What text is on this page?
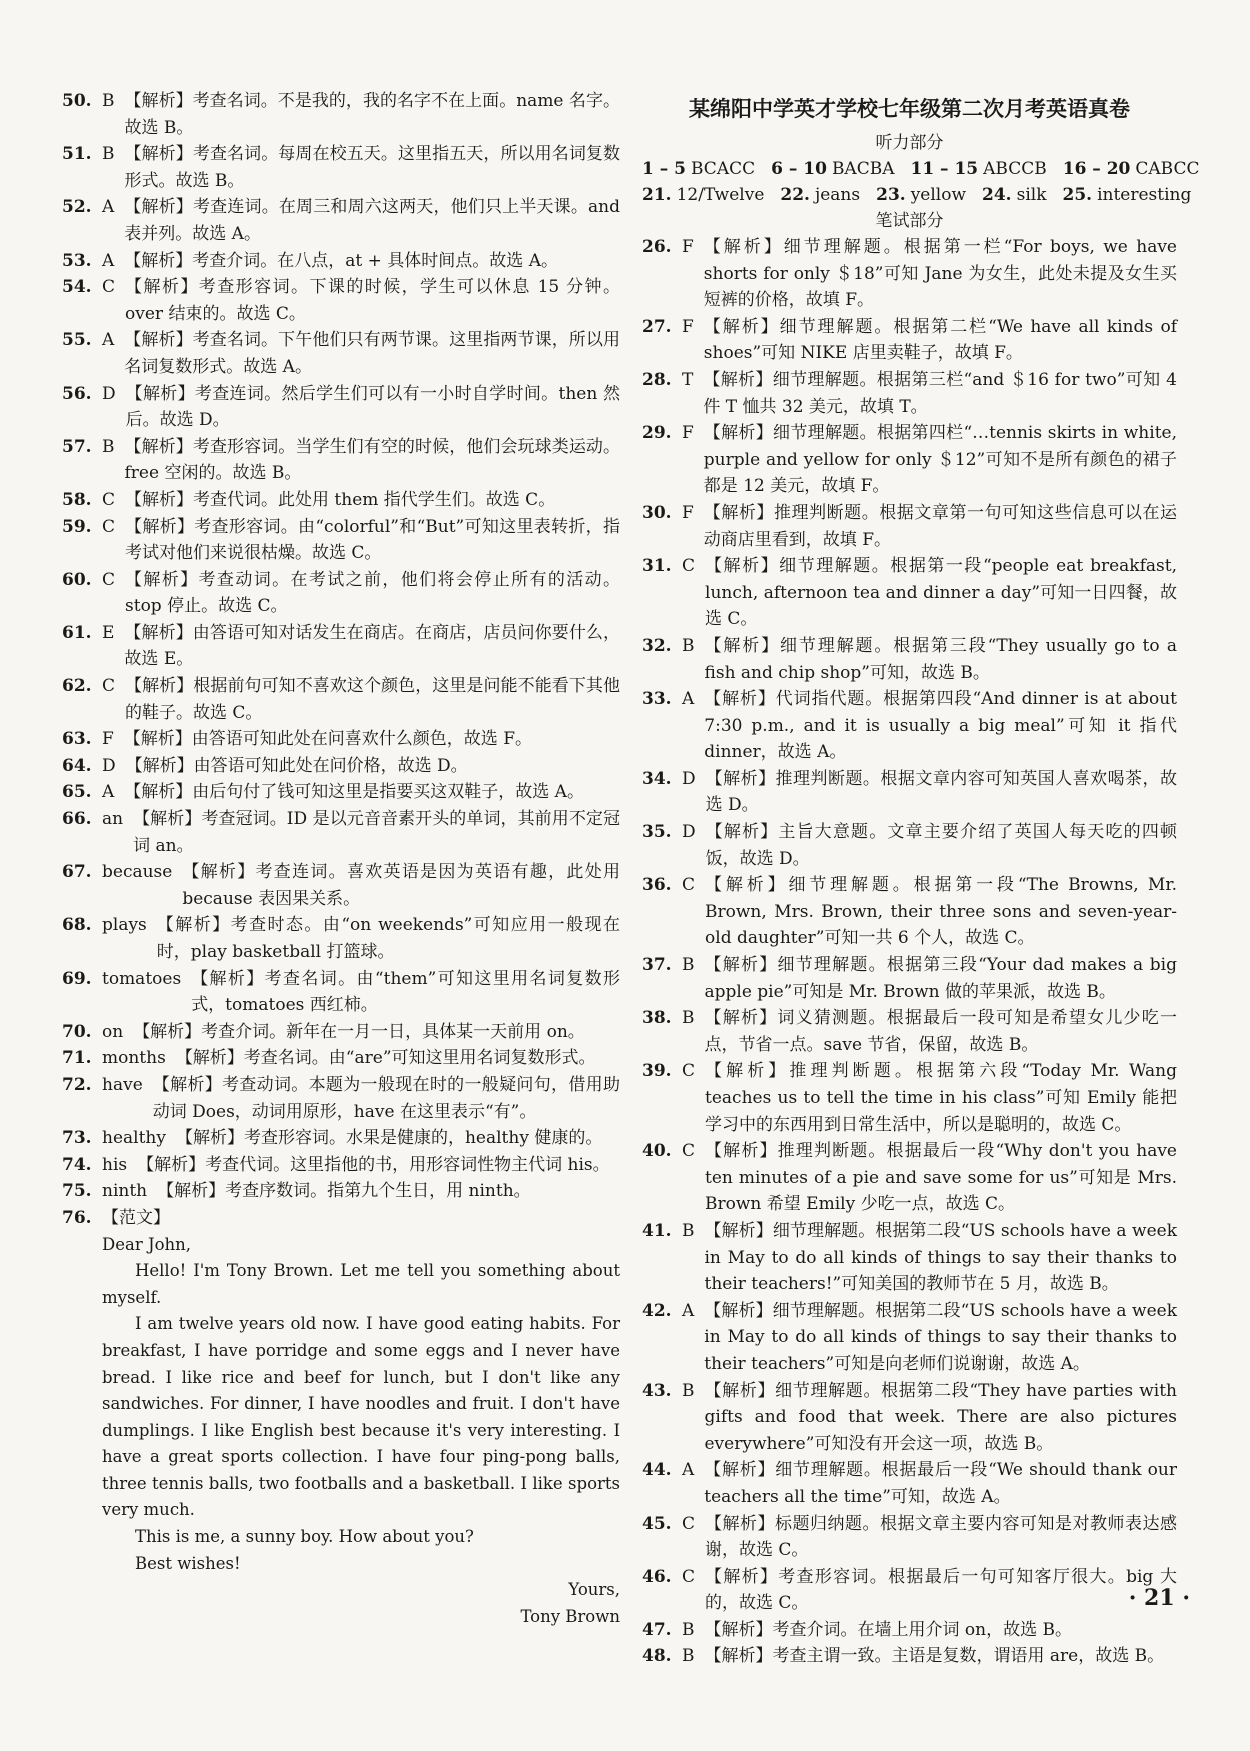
50. B 【解析】考查名词。不是我的，我的名字不在上面。name 名字。故选 B。
51. B 【解析】考查名词。每周在校五天。这里指五天，所以用名词复数形式。故选 B。
52. A 【解析】考查连词。在周三和周六这两天，他们只上半天课。and 表并列。故选 A。
53. A 【解析】考查介词。在八点，at + 具体时间点。故选 A。
54. C 【解析】考查形容词。下课的时候，学生可以休息 15 分钟。over 结束的。故选 C。
55. A 【解析】考查名词。下午他们只有两节课。这里指两节课，所以用名词复数形式。故选 A。
56. D 【解析】考查连词。然后学生们可以有一小时自学时间。then 然后。故选 D。
57. B 【解析】考查形容词。当学生们有空的时候，他们会玩球类运动。free 空闲的。故选 B。
58. C 【解析】考查代词。此处用 them 指代学生们。故选 C。
59. C 【解析】考查形容词。由“colorful”和“But”可知这里表转折，指考试对他们来说很枯燥。故选 C。
60. C 【解析】考查动词。在考试之前，他们将会停止所有的活动。stop 停止。故选 C。
61. E 【解析】由答语可知对话发生在商店。在商店，店员问你要什么，故选 E。
62. C 【解析】根据前句可知不喜欢这个颜色，这里是问能不能看下其他的鞋子。故选 C。
63. F 【解析】由答语可知此处在问喜欢什么颜色，故选 F。
64. D 【解析】由答语可知此处在问价格，故选 D。
65. A 【解析】由后句付了钱可知这里是指要买这双鞋子，故选 A。
66. an 【解析】考查冠词。ID 是以元音音素开头的单词，其前用不定冠词 an。
67. because 【解析】考查连词。喜欢英语是因为英语有趣，此处用 because 表因果关系。
68. plays 【解析】考查时态。由“on weekends”可知应用一般现在时，play basketball 打篮球。
69. tomatoes 【解析】考查名词。由“them”可知这里用名词复数形式，tomatoes 西红柿。
70. on 【解析】考查介词。新年在一月一日，具体某一天前用 on。
71. months 【解析】考查名词。由“are”可知这里用名词复数形式。
72. have 【解析】考查动词。本题为一般现在时的一般疑问句，借用助动词 Does，动词用原形，have 在这里表示“有”。
73. healthy 【解析】考查形容词。水果是健康的，healthy 健康的。
74. his 【解析】考查代词。这里指他的书，用形容词性物主代词 his。
75. ninth 【解析】考查序数词。指第九个生日，用 ninth。
76. 【范文】
Dear John,
Hello! I'm Tony Brown. Let me tell you something about myself.
I am twelve years old now. I have good eating habits. For breakfast, I have porridge and some eggs and I never have bread. I like rice and beef for lunch, but I don't like any sandwiches. For dinner, I have noodles and fruit. I don't have dumplings. I like English best because it's very interesting. I have a great sports collection. I have four ping-pong balls, three tennis balls, two footballs and a basketball. I like sports very much.
This is me, a sunny boy. How about you?
Best wishes!
Yours,
Tony Brown
某绵阳中学英才学校七年级第二次月考英语真卷
听力部分
1 – 5 BCACC 6 – 10 BACBA 11 – 15 ABCCB 16 – 20 CABCC
21. 12/Twelve 22. jeans 23. yellow 24. silk 25. interesting
笔试部分
26. F 【解析】细节理解题。根据第一栏“For boys, we have shorts for only ＄18”可知 Jane 为女生，此处未提及女生买短裤的价格，故填 F。
27. F 【解析】细节理解题。根据第二栏“We have all kinds of shoes”可知 NIKE 店里卖鞋子，故填 F。
28. T 【解析】细节理解题。根据第三栏“and ＄16 for two”可知 4 件 T 恤共 32 美元，故填 T。
29. F 【解析】细节理解题。根据第四栏“…tennis skirts in white, purple and yellow for only ＄12”可知不是所有颜色的裙子都是 12 美元，故填 F。
30. F 【解析】推理判断题。根据文章第一句可知这些信息可以在运动商店里看到，故填 F。
31. C 【解析】细节理解题。根据第一段“people eat breakfast, lunch, afternoon tea and dinner a day”可知一日四餐，故选 C。
32. B 【解析】细节理解题。根据第三段“They usually go to a fish and chip shop”可知，故选 B。
33. A 【解析】代词指代题。根据第四段“And dinner is at about 7:30 p.m., and it is usually a big meal”可知 it 指代 dinner，故选 A。
34. D 【解析】推理判断题。根据文章内容可知英国人喜欢喝茶，故选 D。
35. D 【解析】主旨大意题。文章主要介绍了英国人每天吃的四顿饭，故选 D。
36. C 【解析】细节理解题。根据第一段“The Browns, Mr. Brown, Mrs. Brown, their three sons and seven-year-old daughter”可知一共 6 个人，故选 C。
37. B 【解析】细节理解题。根据第三段“Your dad makes a big apple pie”可知是 Mr. Brown 做的苹果派，故选 B。
38. B 【解析】词义猜测题。根据最后一段可知是希望女儿少吃一点，节省一点。save 节省，保留，故选 B。
39. C 【解析】推理判断题。根据第六段“Today Mr. Wang teaches us to tell the time in his class”可知 Emily 能把学习中的东西用到日常生活中，所以是聪明的，故选 C。
40. C 【解析】推理判断题。根据最后一段“Why don't you have ten minutes of a pie and save some for us”可知是 Mrs. Brown 希望 Emily 少吃一点，故选 C。
41. B 【解析】细节理解题。根据第二段“US schools have a week in May to do all kinds of things to say their thanks to their teachers!”可知美国的教师节在 5 月，故选 B。
42. A 【解析】细节理解题。根据第二段“US schools have a week in May to do all kinds of things to say their thanks to their teachers”可知是向老师们说谢谢，故选 A。
43. B 【解析】细节理解题。根据第二段“They have parties with gifts and food that week. There are also pictures everywhere”可知没有开会这一项，故选 B。
44. A 【解析】细节理解题。根据最后一段“We should thank our teachers all the time”可知，故选 A。
45. C 【解析】标题归纳题。根据文章主要内容可知是对教师表达感谢，故选 C。
46. C 【解析】考查形容词。根据最后一句可知客厅很大。big 大的，故选 C。
47. B 【解析】考查介词。在墙上用介词 on，故选 B。
48. B 【解析】考查主谓一致。主语是复数，谓语用 are，故选 B。
· 21 ·
